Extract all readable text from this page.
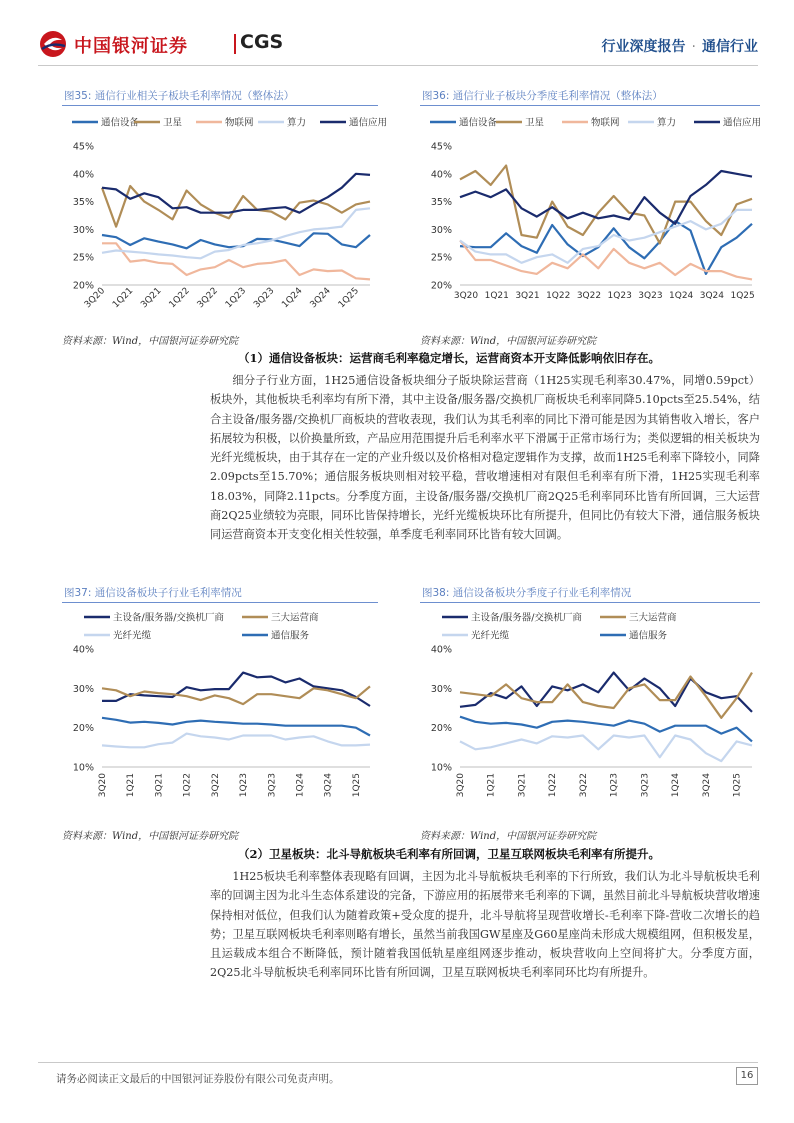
中国银河证券	CGS	行业深度报告 · 通信行业
图35: 通信行业相关子板块毛利率情况（整体法）
通信设备	卫星	物联网	算力	通信应用
20%
25%
30%
35%
40%
45%
3Q20 1Q21 3Q21 1Q22 3Q22 1Q23 3Q23 1Q24 3Q24 1Q25
资料来源：Wind，中国银河证券研究院
图36: 通信行业子板块分季度毛利率情况（整体法）
通信设备	卫星	物联网	算力	通信应用
20%
25%
30%
35%
40%
45%
3Q20 1Q21 3Q21 1Q22 3Q22 1Q23 3Q23 1Q24 3Q24 1Q25
资料来源：Wind，中国银河证券研究院
（1）通信设备板块：运营商毛利率稳定增长，运营商资本开支降低影响依旧存在。
细分子行业方面，1H25通信设备板块细分子版块除运营商（1H25实现毛利率30.47%，同增0.59pct）板块外，其他板块毛利率均有所下滑，其中主设备/服务器/交换机厂商板块毛利率同降5.10pcts至25.54%，结合主设备/服务器/交换机厂商板块的营收表现，我们认为其毛利率的同比下滑可能是因为其销售收入增长，客户拓展较为积极，以价换量所致，产品应用范围提升后毛利率水平下滑属于正常市场行为；类似逻辑的相关板块为光纤光缆板块，由于其存在一定的产业升级以及价格相对稳定逻辑作为支撑，故而1H25毛利率下降较小，同降2.09pcts至15.70%；通信服务板块则相对较平稳，营收增速相对有限但毛利率有所下滑，1H25实现毛利率18.03%，同降2.11pcts。分季度方面，主设备/服务器/交换机厂商2Q25毛利率同环比皆有所回调，三大运营商2Q25业绩较为亮眼，同环比皆保持增长，光纤光缆板块环比有所提升，但同比仍有较大下滑，通信服务板块同运营商资本开支变化相关性较强，单季度毛利率同环比皆有较大回调。
图37: 通信设备板块子行业毛利率情况
主设备/服务器/交换机厂商	三大运营商
光纤光缆	通信服务
10%
20%
30%
40%
3Q20 1Q21 3Q21 1Q22 3Q22 1Q23 3Q23 1Q24 3Q24 1Q25
资料来源：Wind，中国银河证券研究院
图38: 通信设备板块分季度子行业毛利率情况
主设备/服务器/交换机厂商	三大运营商
光纤光缆	通信服务
10%
20%
30%
40%
3Q20 1Q21 3Q21 1Q22 3Q22 1Q23 3Q23 1Q24 3Q24 1Q25
资料来源：Wind，中国银河证券研究院
（2）卫星板块：北斗导航板块毛利率有所回调，卫星互联网板块毛利率有所提升。
1H25板块毛利率整体表现略有回调，主因为北斗导航板块毛利率的下行所致，我们认为北斗导航板块毛利率的回调主因为北斗生态体系建设的完备，下游应用的拓展带来毛利率的下调，虽然目前北斗导航板块营收增速保持相对低位，但我们认为随着政策+受众度的提升，北斗导航将呈现营收增长-毛利率下降-营收二次增长的趋势；卫星互联网板块毛利率则略有增长，虽然当前我国GW星座及G60星座尚未形成大规模组网，但积极发星，且运载成本组合不断降低，预计随着我国低轨星座组网逐步推动，板块营收向上空间将扩大。分季度方面，2Q25北斗导航板块毛利率同环比皆有所回调，卫星互联网板块毛利率同环比均有所提升。
请务必阅读正文最后的中国银河证券股份有限公司免责声明。	16
